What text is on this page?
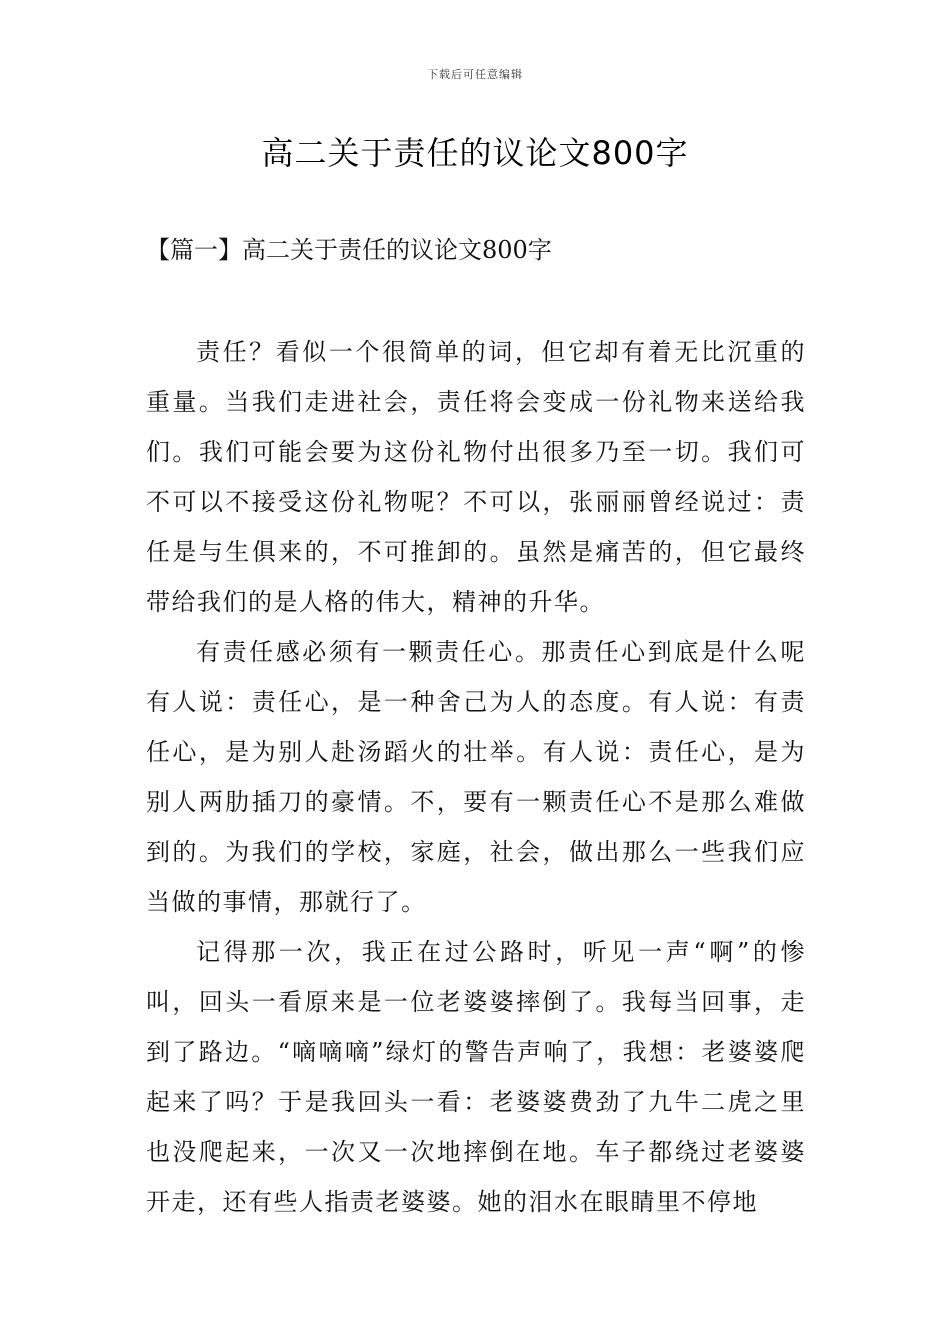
下载后可任意编辑
高二关于责任的议论文800字
【篇一】高二关于责任的议论文800字

责任？看似一个很简单的词，但它却有着无比沉重的重量。当我们走进社会，责任将会变成一份礼物来送给我们。我们可能会要为这份礼物付出很多乃至一切。我们可不可以不接受这份礼物呢？不可以，张丽丽曾经说过：责任是与生俱来的，不可推卸的。虽然是痛苦的，但它最终带给我们的是人格的伟大，精神的升华。

有责任感必须有一颗责任心。那责任心到底是什么呢有人说：责任心，是一种舍己为人的态度。有人说：有责任心，是为别人赴汤蹈火的壮举。有人说：责任心，是为别人两肋插刀的豪情。不，要有一颗责任心不是那么难做到的。为我们的学校，家庭，社会，做出那么一些我们应当做的事情，那就行了。

记得那一次，我正在过公路时，听见一声“啊”的惨叫，回头一看原来是一位老婆婆摔倒了。我每当回事，走到了路边。“嘀嘀嘀”绿灯的警告声响了，我想：老婆婆爬起来了吗？于是我回头一看：老婆婆费劲了九牛二虎之里也没爬起来，一次又一次地摔倒在地。车子都绕过老婆婆开走，还有些人指责老婆婆。她的泪水在眼睛里不停地
